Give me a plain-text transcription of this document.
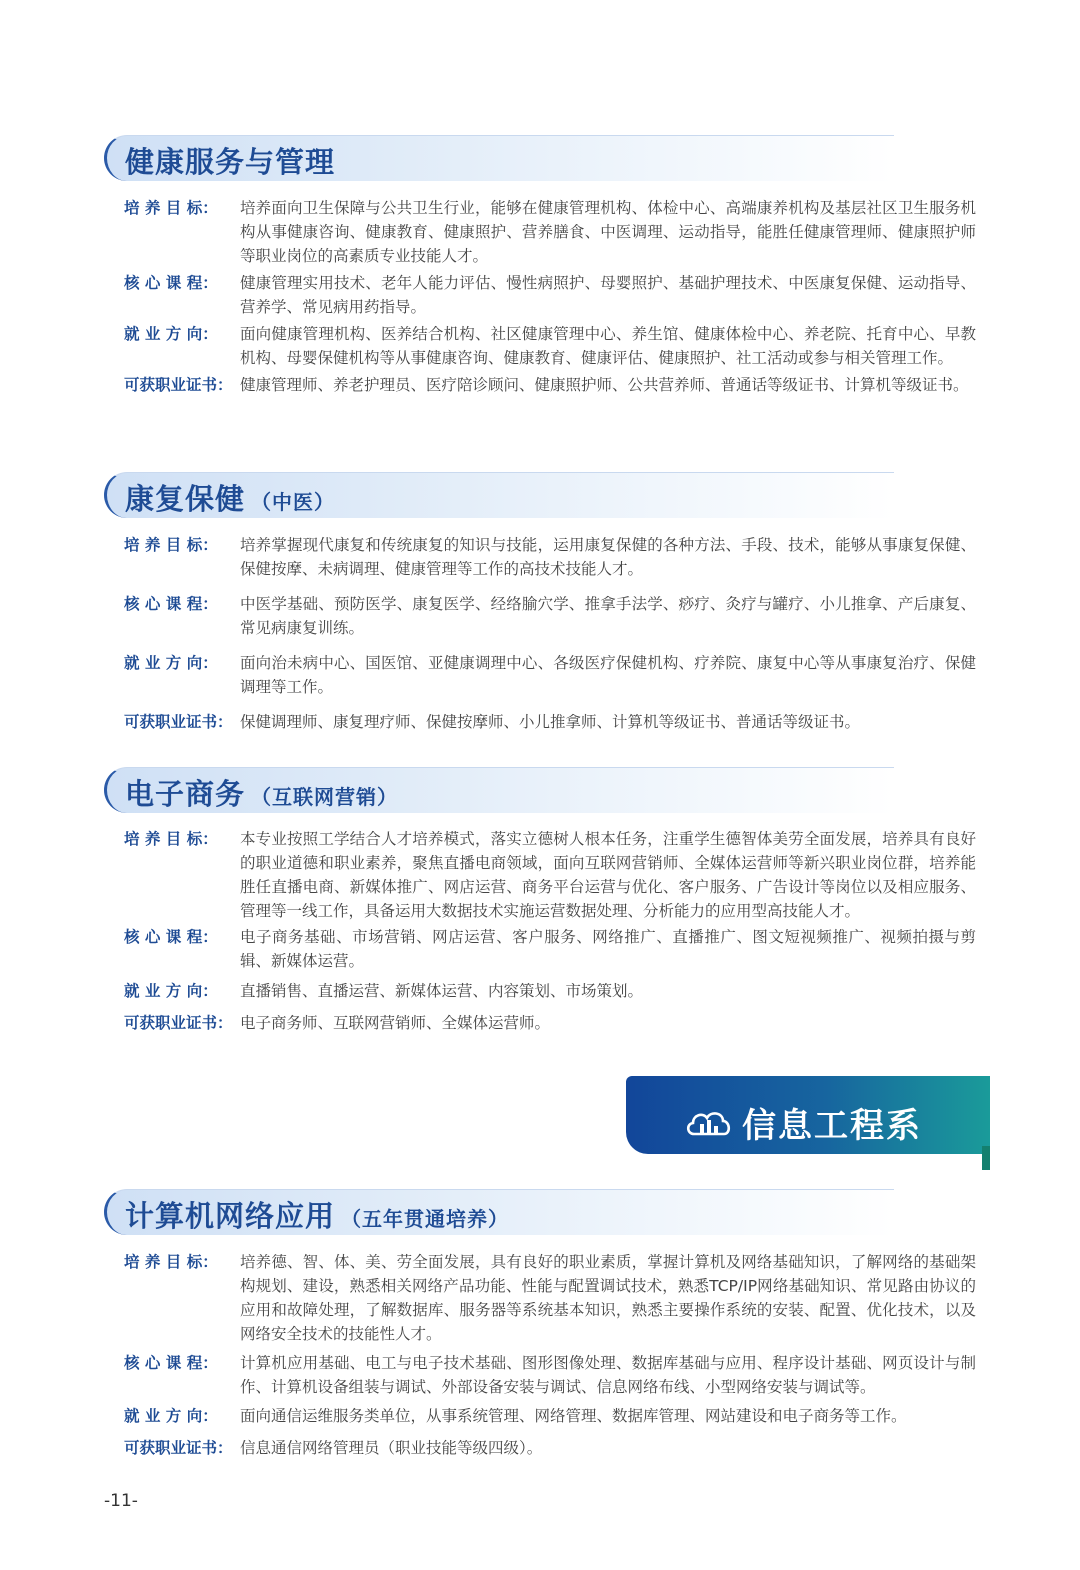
健康服务与管理
培 养 目 标：	培养面向卫生保障与公共卫生行业，能够在健康管理机构、体检中心、高端康养机构及基层社区卫生服务机构从事健康咨询、健康教育、健康照护、营养膳食、中医调理、运动指导，能胜任健康管理师、健康照护师等职业岗位的高素质专业技能人才。
核 心 课 程：	健康管理实用技术、老年人能力评估、慢性病照护、母婴照护、基础护理技术、中医康复保健、运动指导、营养学、常见病用药指导。
就 业 方 向：	面向健康管理机构、医养结合机构、社区健康管理中心、养生馆、健康体检中心、养老院、托育中心、早教机构、母婴保健机构等从事健康咨询、健康教育、健康评估、健康照护、社工活动或参与相关管理工作。
可获职业证书： 健康管理师、养老护理员、医疗陪诊顾问、健康照护师、公共营养师、普通话等级证书、计算机等级证书。
康复保健 （中医）
培 养 目 标：	培养掌握现代康复和传统康复的知识与技能，运用康复保健的各种方法、手段、技术，能够从事康复保健、保健按摩、未病调理、健康管理等工作的高技术技能人才。
核 心 课 程：	中医学基础、预防医学、康复医学、经络腧穴学、推拿手法学、痧疗、灸疗与罐疗、小儿推拿、产后康复、常见病康复训练。
就 业 方 向：	面向治未病中心、国医馆、亚健康调理中心、各级医疗保健机构、疗养院、康复中心等从事康复治疗、保健调理等工作。
可获职业证书： 保健调理师、康复理疗师、保健按摩师、小儿推拿师、计算机等级证书、普通话等级证书。
电子商务 （互联网营销）
培 养 目 标：	本专业按照工学结合人才培养模式，落实立德树人根本任务，注重学生德智体美劳全面发展，培养具有良好的职业道德和职业素养，聚焦直播电商领域，面向互联网营销师、全媒体运营师等新兴职业岗位群，培养能胜任直播电商、新媒体推广、网店运营、商务平台运营与优化、客户服务、广告设计等岗位以及相应服务、管理等一线工作，具备运用大数据技术实施运营数据处理、分析能力的应用型高技能人才。
核 心 课 程：	电子商务基础、市场营销、网店运营、客户服务、网络推广、直播推广、图文短视频推广、视频拍摄与剪辑、新媒体运营。
就 业 方 向：	直播销售、直播运营、新媒体运营、内容策划、市场策划。
可获职业证书： 电子商务师、互联网营销师、全媒体运营师。
信息工程系
计算机网络应用 （五年贯通培养）
培 养 目 标：	培养德、智、体、美、劳全面发展，具有良好的职业素质，掌握计算机及网络基础知识，了解网络的基础架构规划、建设，熟悉相关网络产品功能、性能与配置调试技术，熟悉TCP/IP网络基础知识、常见路由协议的应用和故障处理，了解数据库、服务器等系统基本知识，熟悉主要操作系统的安装、配置、优化技术，以及网络安全技术的技能性人才。
核 心 课 程：	计算机应用基础、电工与电子技术基础、图形图像处理、数据库基础与应用、程序设计基础、网页设计与制作、计算机设备组装与调试、外部设备安装与调试、信息网络布线、小型网络安装与调试等。
就 业 方 向：	面向通信运维服务类单位，从事系统管理、网络管理、数据库管理、网站建设和电子商务等工作。
可获职业证书： 信息通信网络管理员（职业技能等级四级）。
-11-
